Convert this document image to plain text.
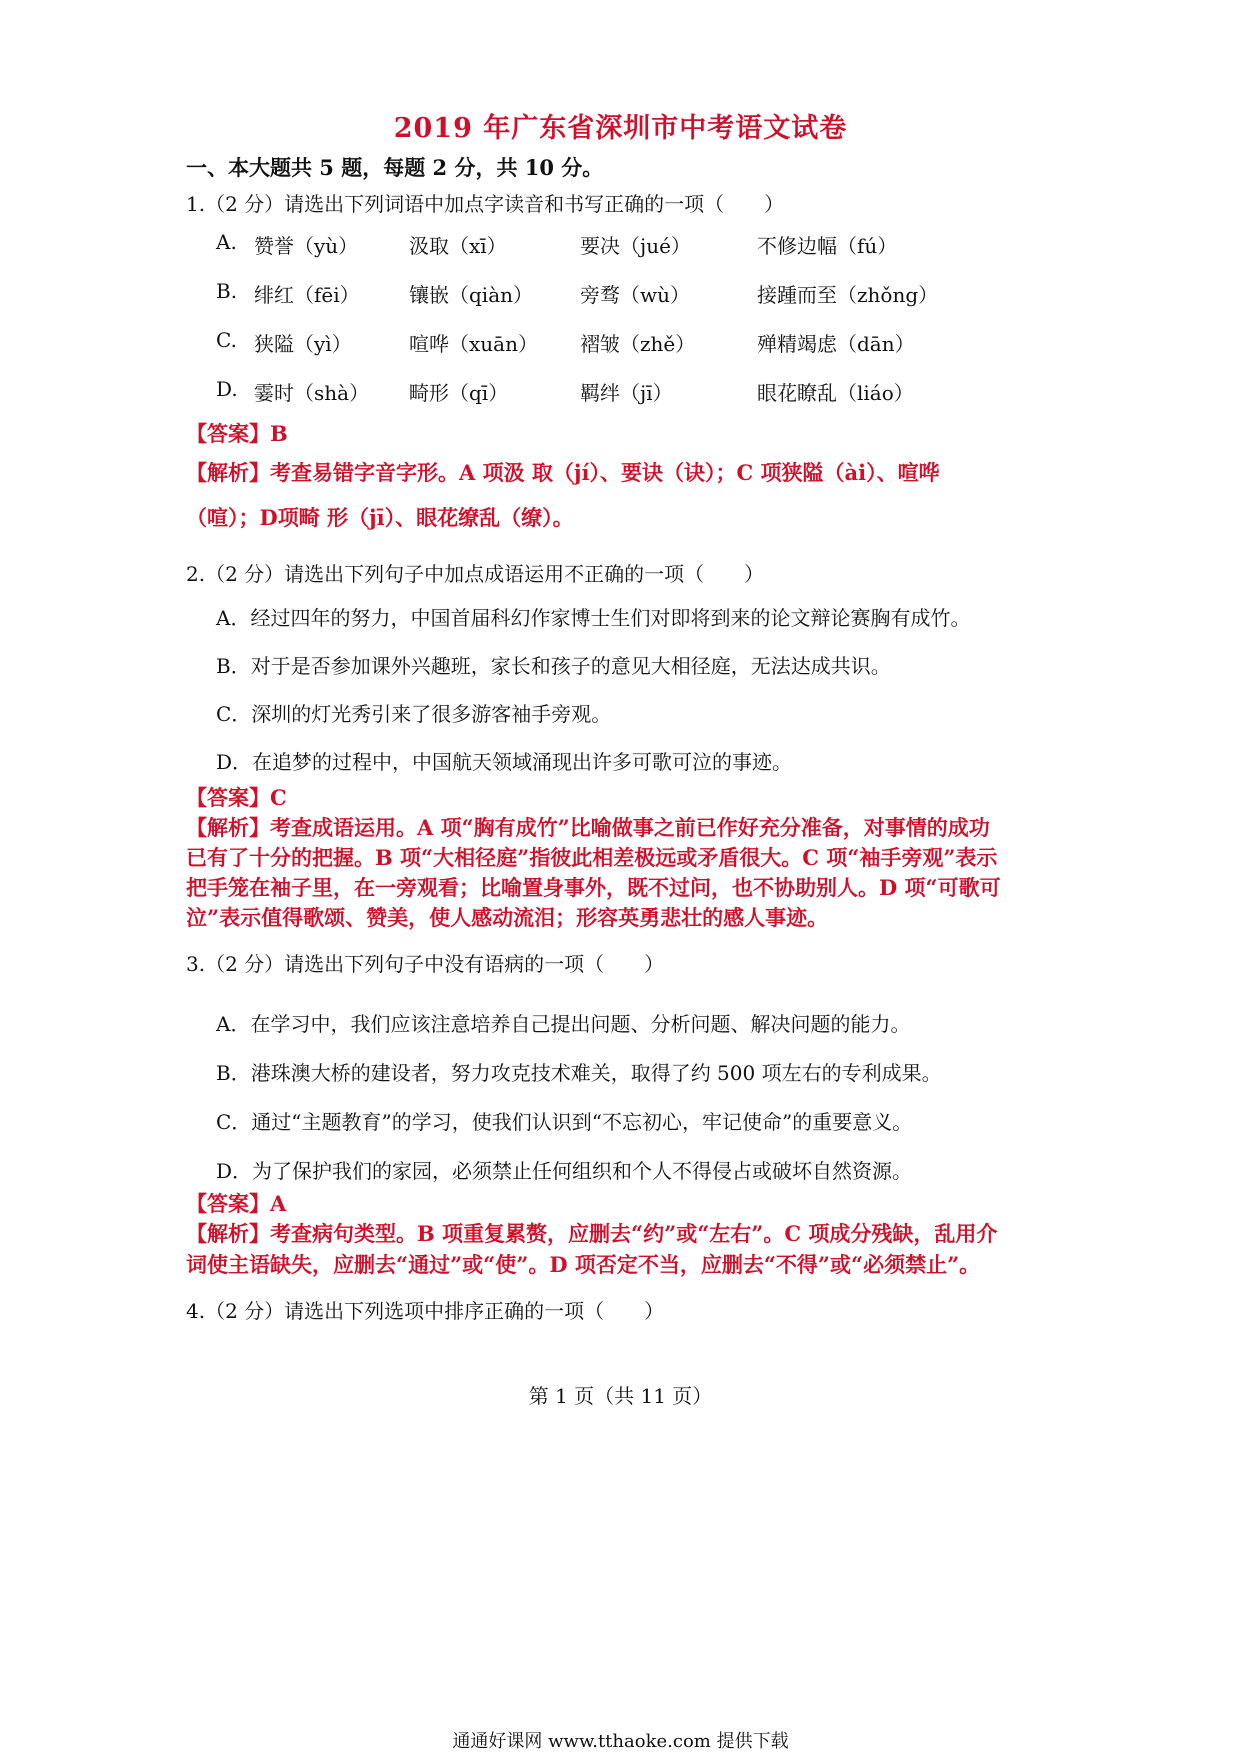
2019 年广东省深圳市中考语文试卷
一、本大题共 5 题，每题 2 分，共 10 分。
1.（2 分）请选出下列词语中加点字读音和书写正确的一项（　　）
A. 赞誉（yù）	汲取（xī）	要决（jué）	不修边幅（fú）
B. 绯红（fēi） 镶嵌（qiàn） 旁骛（wù）	接踵而至（zhǒng）
C. 狭隘（yì）	喧哗（xuān） 褶皱（zhě）	殚精竭虑（dān）
D. 霎时（shà） 畸形（qī）	羁绊（jī）	眼花瞭乱（liáo）
【答案】B
【解析】考查易错字音字形。A 项汲 取（jí）、要诀（诀）；C 项狭隘（ài）、喧哗
（喧）；D项畸 形（jī）、眼花缭乱（缭）。
2.（2 分）请选出下列句子中加点成语运用不正确的一项（　　）
A．经过四年的努力，中国首届科幻作家博士生们对即将到来的论文辩论赛胸有成竹。
B．对于是否参加课外兴趣班，家长和孩子的意见大相径庭，无法达成共识。
C．深圳的灯光秀引来了很多游客袖手旁观。
D．在追梦的过程中，中国航天领域涌现出许多可歌可泣的事迹。
【答案】C
【解析】考查成语运用。A 项“胸有成竹”比喻做事之前已作好充分准备，对事情的成功
已有了十分的把握。B 项“大相径庭”指彼此相差极远或矛盾很大。C 项“袖手旁观”表示
把手笼在袖子里，在一旁观看；比喻置身事外，既不过问，也不协助别人。D 项“可歌可
泣”表示值得歌颂、赞美，使人感动流泪；形容英勇悲壮的感人事迹。
3.（2 分）请选出下列句子中没有语病的一项（　　）
A．在学习中，我们应该注意培养自己提出问题、分析问题、解决问题的能力。
B．港珠澳大桥的建设者，努力攻克技术难关，取得了约 500 项左右的专利成果。
C．通过“主题教育”的学习，使我们认识到“不忘初心，牢记使命”的重要意义。
D．为了保护我们的家园，必须禁止任何组织和个人不得侵占或破坏自然资源。
【答案】A
【解析】考查病句类型。B 项重复累赘，应删去“约”或“左右”。C 项成分残缺，乱用介
词使主语缺失，应删去“通过”或“使”。D 项否定不当，应删去“不得”或“必须禁止”。
4.（2 分）请选出下列选项中排序正确的一项（　　）
第 1 页（共 11 页）
通通好课网 www.tthaoke.com 提供下载
